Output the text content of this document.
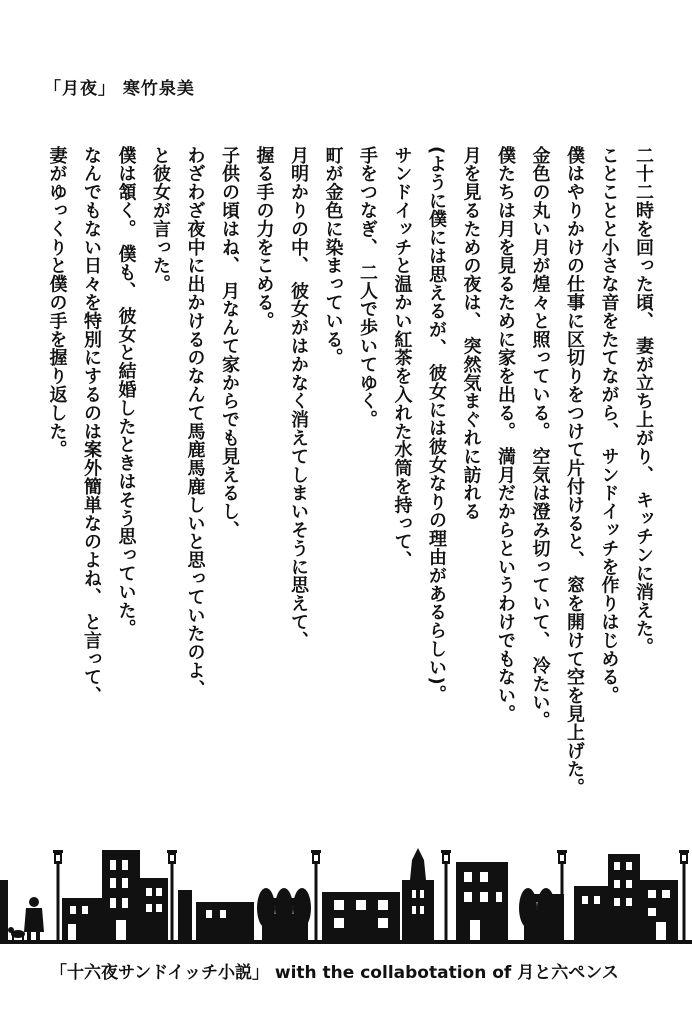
「月夜」 寒竹泉美

二十二時を回った頃、 妻が立ち上がり、 キッチンに消えた。

ことことと小さな音をたてながら、 サンドイッチを作りはじめる。

僕はやりかけの仕事に区切りをつけて片付けると、 窓を開けて空を見上げた。

金色の丸い月が煌々と照っている。 空気は澄み切っていて、 冷たい。

僕たちは月を見るために家を出る。 満月だからというわけでもない。

月を見るための夜は、 突然気まぐれに訪れる

(ように僕には思えるが、 彼女には彼女なりの理由があるらしい)。

サンドイッチと温かい紅茶を入れた水筒を持って、

手をつなぎ、 二人で歩いてゆく。

町が金色に染まっている。

月明かりの中、 彼女がはかなく消えてしまいそうに思えて、

握る手の力をこめる。

子供の頃はね、 月なんて家からでも見えるし、

わざわざ夜中に出かけるのなんて馬鹿馬鹿しいと思っていたのよ、

と彼女が言った。

僕は頷く。 僕も、 彼女と結婚したときはそう思っていた。

なんでもない日々を特別にするのは案外簡単なのよね、 と言って、

妻がゆっくりと僕の手を握り返した。

「十六夜サンドイッチ小説」 with the collabotation of 月と六ペンス
